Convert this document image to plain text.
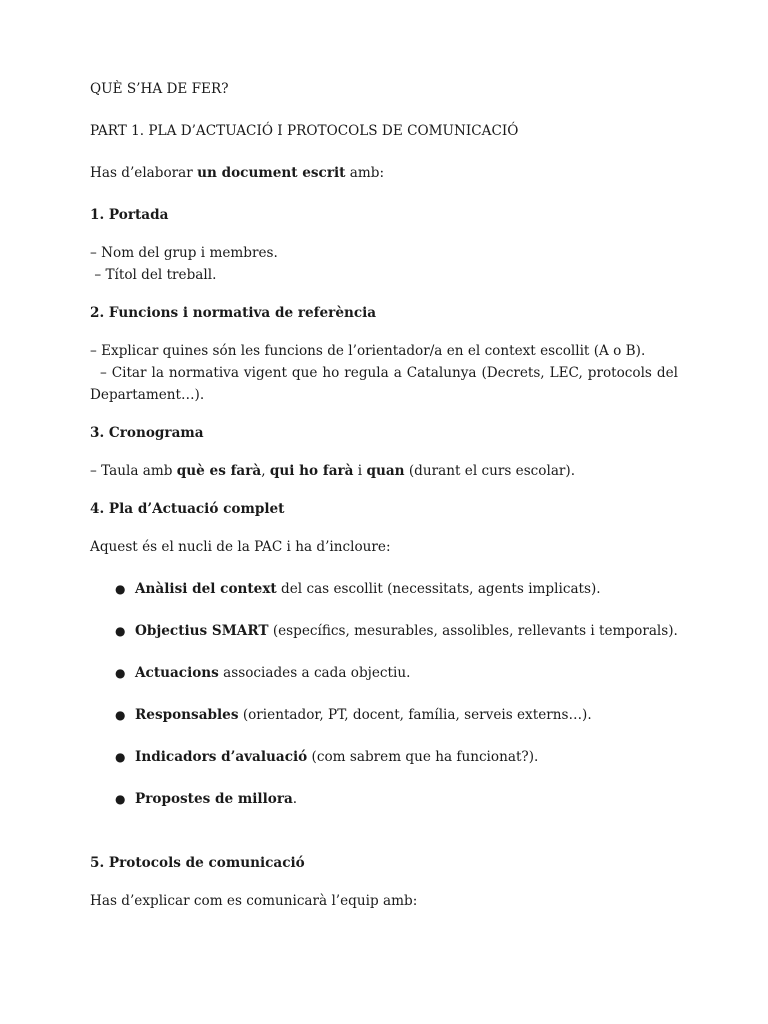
QUÈ S’HA DE FER?

PART 1. PLA D’ACTUACIÓ I PROTOCOLS DE COMUNICACIÓ

Has d’elaborar un document escrit amb:

1. Portada

– Nom del grup i membres.

– Títol del treball.

2. Funcions i normativa de referència

– Explicar quines són les funcions de l’orientador/a en el context escollit (A o B).

– Citar la normativa vigent que ho regula a Catalunya (Decrets, LEC, protocols del Departament…).

3. Cronograma

– Taula amb què es farà, qui ho farà i quan (durant el curs escolar).

4. Pla d’Actuació complet

Aquest és el nucli de la PAC i ha d’incloure:

● Anàlisi del context del cas escollit (necessitats, agents implicats).
● Objectius SMART (específics, mesurables, assolibles, rellevants i temporals).
● Actuacions associades a cada objectiu.
● Responsables (orientador, PT, docent, família, serveis externs…).
● Indicadors d’avaluació (com sabrem que ha funcionat?).
● Propostes de millora.

5. Protocols de comunicació

Has d’explicar com es comunicarà l’equip amb:
